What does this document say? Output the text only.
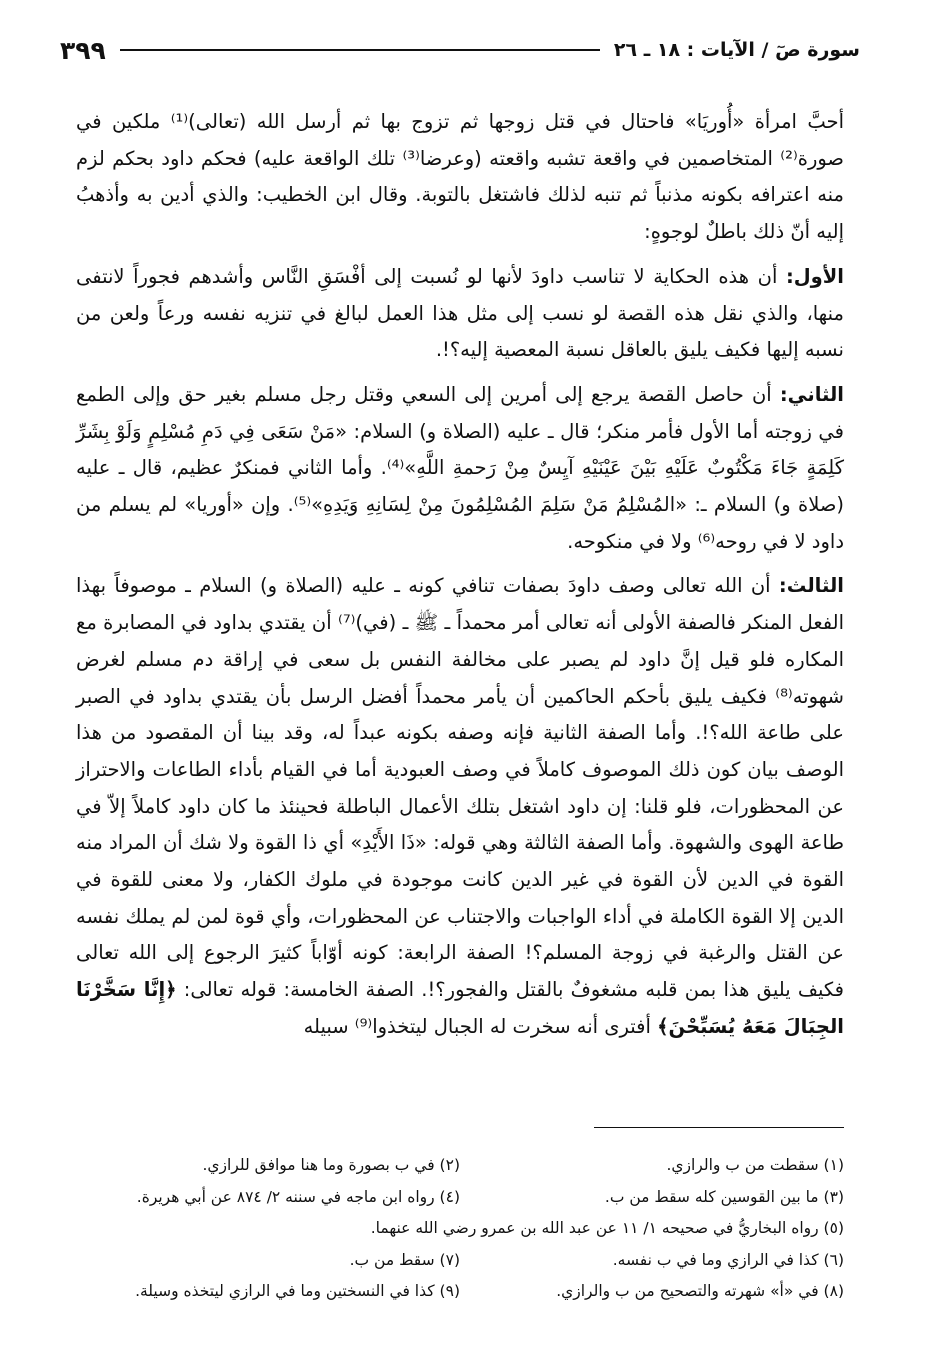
سورة صٓ / الآيات : ١٨ ـ ٢٦
٣٩٩

أحبَّ امرأة «أُوريَا» فاحتال في قتل زوجها ثم تزوج بها ثم أرسل الله (تعالى)⁽¹⁾ ملكين في صورة⁽²⁾ المتخاصمين في واقعة تشبه واقعته (وعرضا⁽³⁾ تلك الواقعة عليه) فحكم داود بحكم لزم منه اعترافه بكونه مذنباً ثم تنبه لذلك فاشتغل بالتوبة. وقال ابن الخطيب: والذي أدين به وأذهبُ إليه أنّ ذلك باطلٌ لوجوهٍ:

الأول: أن هذه الحكاية لا تناسب داودَ لأنها لو نُسبت إلى أفْسَقِ النَّاس وأشدهم فجوراً لانتفى منها، والذي نقل هذه القصة لو نسب إلى مثل هذا العمل لبالغ في تنزيه نفسه ورعاً ولعن من نسبه إليها فكيف يليق بالعاقل نسبة المعصية إليه؟!.

الثاني: أن حاصل القصة يرجع إلى أمرين إلى السعي وقتل رجل مسلم بغير حق وإلى الطمع في زوجته أما الأول فأمر منكر؛ قال ـ عليه (الصلاة و) السلام: «مَنْ سَعَى فِي دَمِ مُسْلِمٍ وَلَوْ بِشَرِّ كَلِمَةٍ جَاءَ مَكْتُوبٌ عَلَيْهِ بَيْنَ عَيْنَيْهِ آيِسٌ مِنْ رَحمةِ اللَّهِ»⁽⁴⁾. وأما الثاني فمنكرٌ عظيم، قال ـ عليه (صلاة و) السلام ـ: «المُسْلِمُ مَنْ سَلِمَ المُسْلِمُونَ مِنْ لِسَانِهِ وَيَدِهِ»⁽⁵⁾. وإن «أوريا» لم يسلم من داود لا في روحه⁽⁶⁾ ولا في منكوحه.

الثالث: أن الله تعالى وصف داودَ بصفات تنافي كونه ـ عليه (الصلاة و) السلام ـ موصوفاً بهذا الفعل المنكر فالصفة الأولى أنه تعالى أمر محمداً ـ ﷺ ـ (في)⁽⁷⁾ أن يقتدي بداود في المصابرة مع المكاره فلو قيل إنَّ داود لم يصبر على مخالفة النفس بل سعى في إراقة دم مسلم لغرض شهوته⁽⁸⁾ فكيف يليق بأحكم الحاكمين أن يأمر محمداً أفضل الرسل بأن يقتدي بداود في الصبر على طاعة الله؟!. وأما الصفة الثانية فإنه وصفه بكونه عبداً له، وقد بينا أن المقصود من هذا الوصف بيان كون ذلك الموصوف كاملاً في وصف العبودية أما في القيام بأداء الطاعات والاحتراز عن المحظورات، فلو قلنا: إن داود اشتغل بتلك الأعمال الباطلة فحينئذ ما كان داود كاملاً إلاّ في طاعة الهوى والشهوة. وأما الصفة الثالثة وهي قوله: «ذَا الأَيْدِ» أي ذا القوة ولا شك أن المراد منه القوة في الدين لأن القوة في غير الدين كانت موجودة في ملوك الكفار، ولا معنى للقوة في الدين إلا القوة الكاملة في أداء الواجبات والاجتناب عن المحظورات، وأي قوة لمن لم يملك نفسه عن القتل والرغبة في زوجة المسلم؟! الصفة الرابعة: كونه أوّاباً كثيرَ الرجوع إلى الله تعالى فكيف يليق هذا بمن قلبه مشغوفٌ بالقتل والفجور؟!. الصفة الخامسة: قوله تعالى: ﴿إِنَّا سَخَّرْنَا الجِبَالَ مَعَهُ يُسَبِّحْنَ﴾ أفترى أنه سخرت له الجبال ليتخذوا⁽⁹⁾ سبيله

(١) سقطت من ب والرازي.
(٢) في ب بصورة وما هنا موافق للرازي.
(٣) ما بين القوسين كله سقط من ب.
(٤) رواه ابن ماجه في سننه ٢/ ٨٧٤ عن أبي هريرة.
(٥) رواه البخاريُّ في صحيحه ١/ ١١ عن عبد الله بن عمرو رضي الله عنهما.
(٦) كذا في الرازي وما في ب نفسه.
(٧) سقط من ب.
(٨) في «أ» شهرته والتصحيح من ب والرازي.
(٩) كذا في النسختين وما في الرازي ليتخذه وسيلة.
